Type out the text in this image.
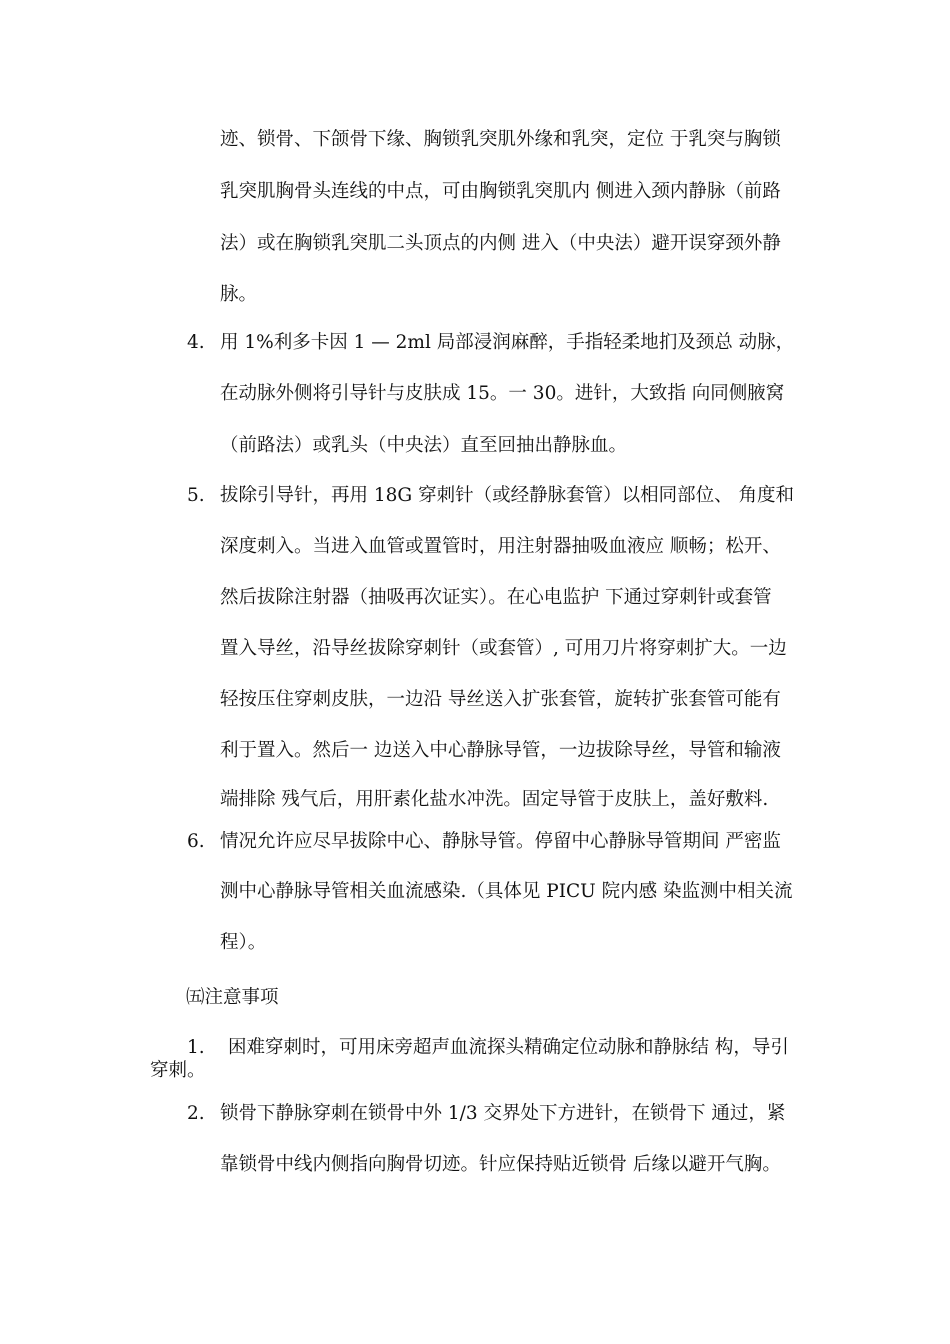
迹、锁骨、下颌骨下缘、胸锁乳突肌外缘和乳突，定位 于乳突与胸锁
乳突肌胸骨头连线的中点，可由胸锁乳突肌内 侧进入颈内静脉（前路
法）或在胸锁乳突肌二头顶点的内侧 进入（中央法）避开误穿颈外静
脉。
4. 用 1%利多卡因 1 — 2ml 局部浸润麻醉，手指轻柔地扪及颈总 动脉，
在动脉外侧将引导针与皮肤成 15。一 30。进针，大致指 向同侧腋窝
（前路法）或乳头（中央法）直至回抽出静脉血。
5. 拔除引导针，再用 18G 穿刺针（或经静脉套管）以相同部位、 角度和
深度刺入。当进入血管或置管时，用注射器抽吸血液应 顺畅；松开、
然后拔除注射器（抽吸再次证实）。在心电监护 下通过穿刺针或套管
置入导丝，沿导丝拔除穿刺针（或套管）, 可用刀片将穿刺扩大。一边
轻按压住穿刺皮肤，一边沿 导丝送入扩张套管，旋转扩张套管可能有
利于置入。然后一 边送入中心静脉导管，一边拔除导丝，导管和输液
端排除 残气后，用肝素化盐水冲洗。固定导管于皮肤上，盖好敷料.
6. 情况允许应尽早拔除中心、静脉导管。停留中心静脉导管期间 严密监
测中心静脉导管相关血流感染.（具体见 PICU 院内感 染监测中相关流
程）。
㈤注意事项
1. 困难穿刺时，可用床旁超声血流探头精确定位动脉和静脉结 构，导引
穿刺。
2. 锁骨下静脉穿刺在锁骨中外 1/3 交界处下方进针，在锁骨下 通过，紧
靠锁骨中线内侧指向胸骨切迹。针应保持贴近锁骨 后缘以避开气胸。
